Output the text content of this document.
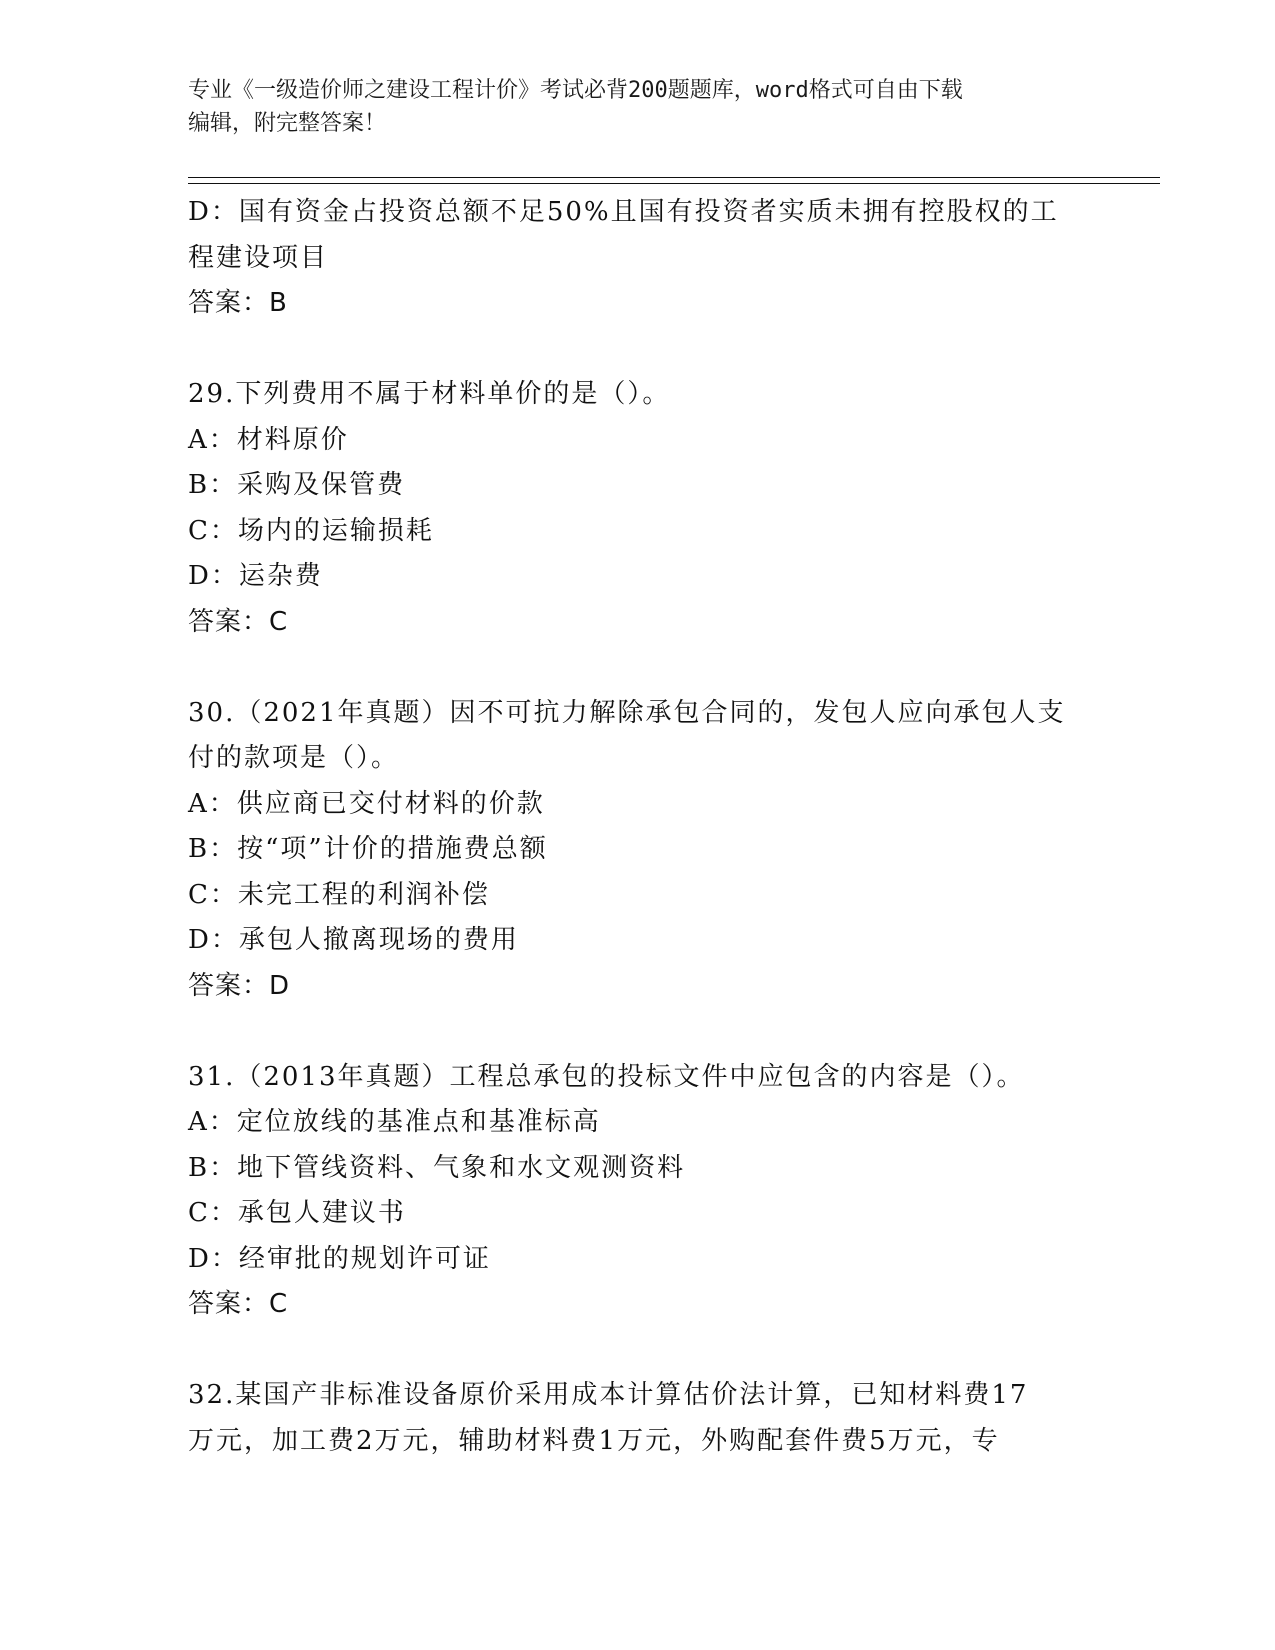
专业《一级造价师之建设工程计价》考试必背200题题库，word格式可自由下载
编辑，附完整答案！
D：国有资金占投资总额不足50%且国有投资者实质未拥有控股权的工
程建设项目
答案：B
29.下列费用不属于材料单价的是（）。
A：材料原价
B：采购及保管费
C：场内的运输损耗
D：运杂费
答案：C
30.（2021年真题）因不可抗力解除承包合同的，发包人应向承包人支
付的款项是（）。
A：供应商已交付材料的价款
B：按“项”计价的措施费总额
C：未完工程的利润补偿
D：承包人撤离现场的费用
答案：D
31.（2013年真题）工程总承包的投标文件中应包含的内容是（）。
A：定位放线的基准点和基准标高
B：地下管线资料、气象和水文观测资料
C：承包人建议书
D：经审批的规划许可证
答案：C
32.某国产非标准设备原价采用成本计算估价法计算，已知材料费17
万元，加工费2万元，辅助材料费1万元，外购配套件费5万元，专
